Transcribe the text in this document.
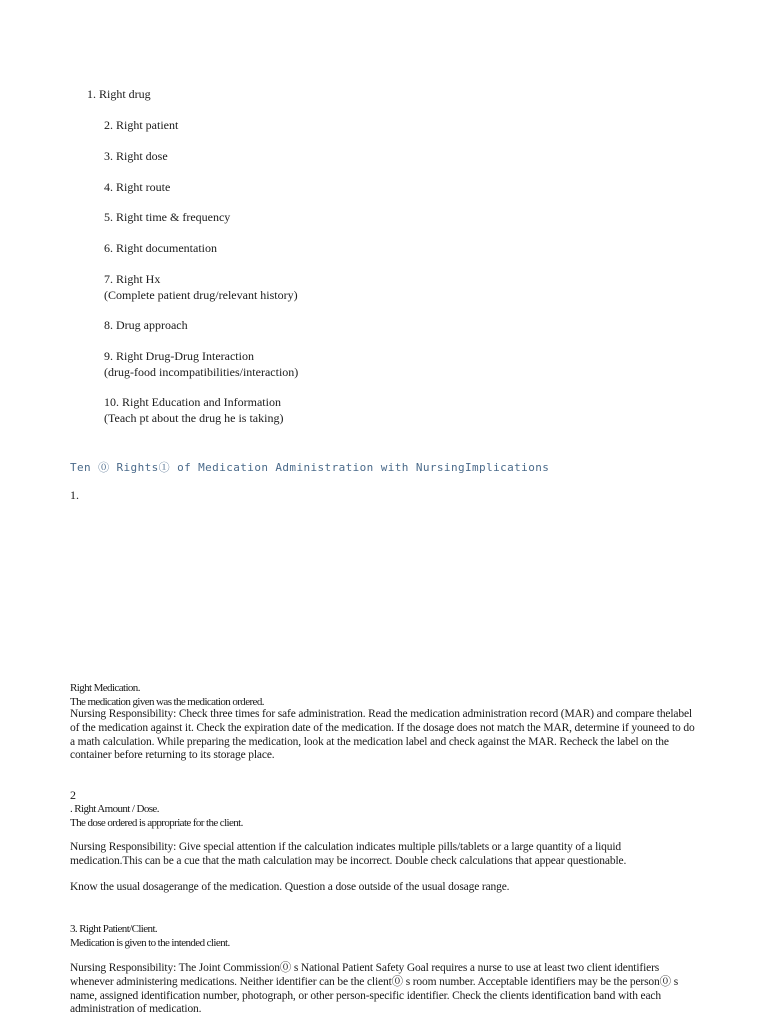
1. Right drug
2. Right patient
3. Right dose
4. Right route
5. Right time & frequency
6. Right documentation
7. Right Hx
(Complete patient drug/relevant history)
8. Drug approach
9. Right Drug-Drug Interaction
(drug-food incompatibilities/interaction)
10. Right Education and Information
(Teach pt about the drug he is taking)
Ten ⓪ Rights① of Medication Administration with NursingImplications
1.
Right Medication.
The medication given was the medication ordered.
Nursing Responsibility: Check three times for safe administration. Read the medication administration record (MAR) and compare thelabel of the medication against it. Check the expiration date of the medication. If the dosage does not match the MAR, determine if youneed to do a math calculation. While preparing the medication, look at the medication label and check against the MAR. Recheck the label on the container before returning to its storage place.
2
. Right Amount / Dose.
The dose ordered is appropriate for the client.
Nursing Responsibility: Give special attention if the calculation indicates multiple pills/tablets or a large quantity of a liquid medication.This can be a cue that the math calculation may be incorrect. Double check calculations that appear questionable.
Know the usual dosagerange of the medication. Question a dose outside of the usual dosage range.
3. Right Patient/Client.
Medication is given to the intended client.
Nursing Responsibility: The Joint Commission⓪ s National Patient Safety Goal requires a nurse to use at least two client identifiers whenever administering medications. Neither identifier can be the client⓪ s room number. Acceptable identifiers may be the person⓪ s name, assigned identification number, photograph, or other person-specific identifier. Check the clients identification band with each administration of medication.
